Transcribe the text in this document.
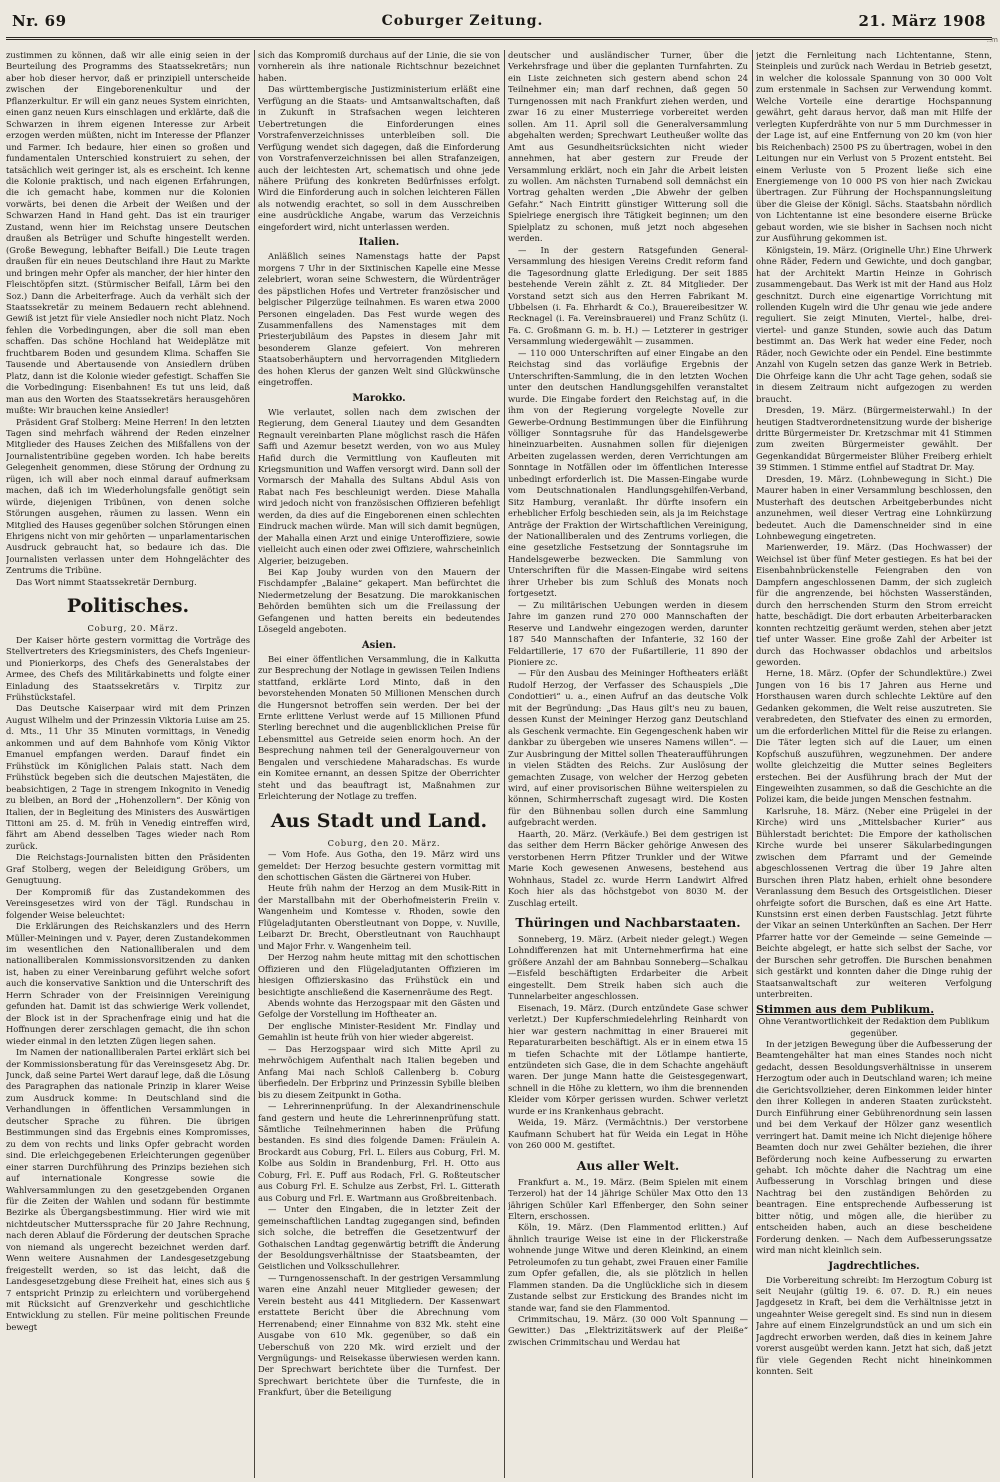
Nr. 69	Coburger Zeitung.	21. März 1908
..m

zustimmen zu können, daß wir alle einig seien in der Beurteilung des Programms des Staatssekretärs; nun aber hob dieser hervor, daß er prinzipiell unterscheide zwischen der Eingeborenenkultur und der Pflanzerkultur. Er will ein ganz neues System einrichten, einen ganz neuen Kurs einschlagen und erklärte, daß die Schwarzen in ihrem eigenen Interesse zur Arbeit erzogen werden müßten, nicht im Interesse der Pflanzer und Farmer. Ich bedaure, hier einen so großen und fundamentalen Unterschied konstruiert zu sehen, der tatsächlich weit geringer ist, als es erscheint. Ich kenne die Kolonie praktisch, und nach eigenen Erfahrungen, die ich gemacht habe, kommen nur die Kolonien vorwärts, bei denen die Arbeit der Weißen und der Schwarzen Hand in Hand geht. Das ist ein trauriger Zustand, wenn hier im Reichstag unsere Deutschen draußen als Betrüger und Schufte hingestellt werden. (Große Bewegung, lebhafter Beifall.) Die Leute tragen draußen für ein neues Deutschland ihre Haut zu Markte und bringen mehr Opfer als mancher, der hier hinter den Fleischtöpfen sitzt. (Stürmischer Beifall, Lärm bei den Soz.) Dann die Arbeiterfrage. Auch da verhält sich der Staatssekretär zu meinem Bedauern recht ablehnend. Gewiß ist jetzt für viele Ansiedler noch nicht Platz. Noch fehlen die Vorbedingungen, aber die soll man eben schaffen. Das schöne Hochland hat Weideplätze mit fruchtbarem Boden und gesundem Klima. Schaffen Sie Tausende und Abertausende von Ansiedlern drüben Platz, dann ist die Kolonie wieder gefestigt. Schaffen Sie die Vorbedingung: Eisenbahnen! Es tut uns leid, daß man aus den Worten des Staatssekretärs herausgehören mußte: Wir brauchen keine Ansiedler!

Präsident Graf Stolberg: Meine Herren! In den letzten Tagen sind mehrfach während der Reden einzelner Mitglieder des Hauses Zeichen des Mißfallens von der Journalistentribüne gegeben worden. Ich habe bereits Gelegenheit genommen, diese Störung der Ordnung zu rügen, ich will aber noch einmal darauf aufmerksam machen, daß ich im Wiederholungsfalle genötigt sein würde, diejenigen Tribünen, von denen solche Störungen ausgehen, räumen zu lassen. Wenn ein Mitglied des Hauses gegenüber solchen Störungen einen Ehrigens nicht von mir gehörten — unparlamentarischen Ausdruck gebraucht hat, so bedaure ich das. Die Journalisten verlassen unter dem Hohngelächter des Zentrums die Tribüne.

Das Wort nimmt Staatssekretär Dernburg.

Politisches.

Coburg, 20. März.

Der Kaiser hörte gestern vormittag die Vorträge des Stellvertreters des Kriegsministers, des Chefs Ingenieur- und Pionierkorps, des Chefs des Generalstabes der Armee, des Chefs des Militärkabinetts und folgte einer Einladung des Staatssekretärs v. Tirpitz zur Frühstückstafel.

Das Deutsche Kaiserpaar wird mit dem Prinzen August Wilhelm und der Prinzessin Viktoria Luise am 25. d. Mts., 11 Uhr 35 Minuten vormittags, in Venedig ankommen und auf dem Bahnhofe vom König Viktor Emanuel empfangen werden. Darauf findet ein Frühstück im Königlichen Palais statt. Nach dem Frühstück begeben sich die deutschen Majestäten, die beabsichtigen, 2 Tage in strengem Inkognito in Venedig zu bleiben, an Bord der „Hohenzollern“. Der König von Italien, der in Begleitung des Ministers des Auswärtigen Tittoni am 25. d. M. früh in Venedig eintreffen wird, fährt am Abend desselben Tages wieder nach Rom zurück.

Die Reichstags-Journalisten bitten den Präsidenten Graf Stolberg, wegen der Beleidigung Gröbers, um Genugtuung.

Der Kompromiß für das Zustandekommen des Vereinsgesetzes wird von der Tägl. Rundschau in folgender Weise beleuchtet:

Die Erklärungen des Reichskanzlers und des Herrn Müller-Meiningen und v. Payer, deren Zustandekommen im wesentlichen den Nationalliberalen und dem nationalliberalen Kommissionsvorsitzenden zu danken ist, haben zu einer Vereinbarung geführt welche sofort auch die konservative Sanktion und die Unterschrift des Herrn Schrader von der Freisinnigen Vereinigung gefunden hat. Damit ist das schwierige Werk vollendet, der Block ist in der Sprachenfrage einig und hat die Hoffnungen derer zerschlagen gemacht, die ihn schon wieder einmal in den letzten Zügen liegen sahen.

Im Namen der nationalliberalen Partei erklärt sich bei der Kommissionsberatung für das Vereinsgesetz Abg. Dr. Junck, daß seine Partei Wert darauf lege, daß die Lösung des Paragraphen das nationale Prinzip in klarer Weise zum Ausdruck komme: In Deutschland sind die Verhandlungen in öffentlichen Versammlungen in deutscher Sprache zu führen. Die übrigen Bestimmungen sind das Ergebnis eines Kompromisses, zu dem von rechts und links Opfer gebracht worden sind. Die erleichgegebenen Erleichterungen gegenüber einer starren Durchführung des Prinzips beziehen sich auf internationale Kongresse sowie die Wahlversammlungen zu den gesetzgebenden Organen für die Zeiten der Wahlen und sodann für bestimmte Bezirke als Übergangsbestimmung. Hier wird wie mit nichtdeutscher Mutterssprache für 20 Jahre Rechnung, nach deren Ablauf die Förderung der deutschen Sprache von niemand als ungerecht bezeichnet werden darf. Wenn weitere Ausnahmen der Landesgesetzgebung freigestellt werden, so ist das leicht, daß die Landesgesetzgebung diese Freiheit hat, eines sich aus § 7 entspricht Prinzip zu erleichtern und vorübergehend mit Rücksicht auf Grenzverkehr und geschichtliche Entwicklung zu stellen. Für meine politischen Freunde bewegt

sich das Kompromiß durchaus auf der Linie, die sie von vornherein als ihre nationale Richtschnur bezeichnet haben.

Das württembergische Justizministerium erläßt eine Verfügung an die Staats- und Amtsanwaltschaften, daß in Zukunft in Strafsachen wegen leichteren Uebertretungen die Einforderungen eines Vorstrafenverzeichnisses unterbleiben soll. Die Verfügung wendet sich dagegen, daß die Einforderung von Vorstrafenverzeichnissen bei allen Strafanzeigen, auch der leichtesten Art, schematisch und ohne jede nähere Prüfung des konkreten Bedürfnisses erfolgt. Wird die Einforderung auch in solchen leichteren Fällen als notwendig erachtet, so soll in dem Ausschreiben eine ausdrückliche Angabe, warum das Verzeichnis eingefordert wird, nicht unterlassen werden.

Italien.

Anläßlich seines Namenstags hatte der Papst morgens 7 Uhr in der Sixtinischen Kapelle eine Messe zelebriert, woran seine Schwestern, die Würdenträger des päpstlichen Hofes und Vertreter französischer und belgischer Pilgerzüge teilnahmen. Es waren etwa 2000 Personen eingeladen. Das Fest wurde wegen des Zusammenfallens des Namenstages mit dem Priesterjubiläum des Papstes in diesem Jahr mit besonderem Glanze gefeiert. Von mehreren Staatsoberhäuptern und hervorragenden Mitgliedern des hohen Klerus der ganzen Welt sind Glückwünsche eingetroffen.

Marokko.

Wie verlautet, sollen nach dem zwischen der Regierung, dem General Liautey und dem Gesandten Regnault vereinbarten Plane möglichst rasch die Häfen Saffi und Azemur besetzt werden, von wo aus Muley Hafid durch die Vermittlung von Kaufleuten mit Kriegsmunition und Waffen versorgt wird. Dann soll der Vormarsch der Mahalla des Sultans Abdul Asis von Rabat nach Fes beschleunigt werden. Diese Mahalla wird jedoch nicht von französischen Offizieren befehligt werden, da dies auf die Eingeborenen einen schlechten Eindruck machen würde. Man will sich damit begnügen, der Mahalla einen Arzt und einige Unteroffiziere, sowie vielleicht auch einen oder zwei Offiziere, wahrscheinlich Algerier, beizugeben.

Bei Kap Jouby wurden von den Mauern der Fischdampfer „Balaine“ gekapert. Man befürchtet die Niedermetzelung der Besatzung. Die marokkanischen Behörden bemühten sich um die Freilassung der Gefangenen und hatten bereits ein bedeutendes Lösegeld angeboten.

Asien.

Bei einer öffentlichen Versammlung, die in Kalkutta zur Besprechung der Notlage in gewissen Teilen Indiens stattfand, erklärte Lord Minto, daß in den bevorstehenden Monaten 50 Millionen Menschen durch die Hungersnot betroffen sein werden. Der bei der Ernte erlittene Verlust werde auf 15 Millionen Pfund Sterling berechnet und die augenblicklichen Preise für Lebensmittel aus Getreide seien enorm hoch. An der Besprechung nahmen teil der Generalgouverneur von Bengalen und verschiedene Maharadschas. Es wurde ein Komitee ernannt, an dessen Spitze der Oberrichter steht und das beauftragt ist, Maßnahmen zur Erleichterung der Notlage zu treffen.

Aus Stadt und Land.

Coburg, den 20. März.

— Vom Hofe. Aus Gotha, den 19. März wird uns gemeldet: Der Herzog besuchte gestern vormittag mit den schottischen Gästen die Gärtnerei von Huber.

Heute früh nahm der Herzog an dem Musik-Ritt in der Marstallbahn mit der Oberhofmeisterin Freiin v. Wangenheim und Komtesse v. Rhoden, sowie den Flügeladjutanten Oberstleutnant von Doppe, v. Nuville, Leibarzt Dr. Brecht, Oberstleutnant von Rauchhaupt und Major Frhr. v. Wangenheim teil.

Der Herzog nahm heute mittag mit den schottischen Offizieren und den Flügeladjutanten Offizieren im hiesigen Offizierskasino das Frühstück ein und besichtigte anschließend die Kasernenräume des Regt.

Abends wohnte das Herzogspaar mit den Gästen und Gefolge der Vorstellung im Hoftheater an.

Der englische Minister-Resident Mr. Findlay und Gemahlin ist heute früh von hier wieder abgereist.

— Das Herzogspaar wird sich Mitte April zu mehrwöchigem Aufenthalt nach Italien begeben und Anfang Mai nach Schloß Callenberg b. Coburg überfiedeln. Der Erbprinz und Prinzessin Sybille bleiben bis zu diesem Zeitpunkt in Gotha.

— Lehrerinnenprüfung. In der Alexandrinenschule fand gestern und heute die Lehrerinnenprüfung statt. Sämtliche Teilnehmerinnen haben die Prüfung bestanden. Es sind dies folgende Damen: Fräulein A. Brockardt aus Coburg, Frl. L. Eilers aus Coburg, Frl. M. Kolbe aus Soldin in Brandenburg, Frl. H. Otto aus Coburg, Frl. E. Puff aus Rodach, Frl. G. Roßteutscher aus Coburg Frl. E. Schulze aus Zerbst, Frl. L. Gitterath aus Coburg und Frl. E. Wartmann aus Großbreitenbach.

— Unter den Eingaben, die in letzter Zeit der gemeinschaftlichen Landtag zugegangen sind, befinden sich solche, die betreffen die Gesetzentwurf der Gothaischen Landtag gegenwärtig betrifft die Änderung der Besoldungsverhältnisse der Staatsbeamten, der Geistlichen und Volksschullehrer.

— Turngenossenschaft. In der gestrigen Versammlung waren eine Anzahl neuer Mitglieder gewesen; der Verein besteht aus 441 Mitgliedern. Der Kassenwart erstattete Bericht über die Abrechnung vom Herrenabend; einer Einnahme von 832 Mk. steht eine Ausgabe von 610 Mk. gegenüber, so daß ein Ueberschuß von 220 Mk. wird erzielt und der Vergnügungs- und Reisekasse überwiesen werden kann. Der Sprechwart berichtete über die Turnfest. Der Sprechwart berichtete über die Turnfeste, die in Frankfurt, über die Beteiligung

deutscher und ausländischer Turner, über die Verkehrsfrage und über die geplanten Turnfahrten. Zu ein Liste zeichneten sich gestern abend schon 24 Teilnehmer ein; man darf rechnen, daß gegen 50 Turngenossen mit nach Frankfurt ziehen werden, und zwar 16 zu einer Musterriege vorbereitet werden sollen. Am 11. April soll die Generalversammlung abgehalten werden; Sprechwart Leutheußer wollte das Amt aus Gesundheitsrücksichten nicht wieder annehmen, hat aber gestern zur Freude der Versammlung erklärt, noch ein Jahr die Arbeit leisten zu wollen. Am nächsten Turnabend soll demnächst ein Vortrag gehalten werden „Die Abwehr der gelben Gefahr.“ Nach Eintritt günstiger Witterung soll die Spielriege energisch ihre Tätigkeit beginnen; um den Spielplatz zu schonen, muß jetzt noch abgesehen werden.

— In der gestern Ratsgefunden General-Versammlung des hiesigen Vereins Credit reform fand die Tagesordnung glatte Erledigung. Der seit 1885 bestehende Verein zählt z. Zt. 84 Mitglieder. Der Vorstand setzt sich aus den Herren Fabrikant M. Ubbelsen (i. Fa. Ehrhardt & Co.), Brauereibesitzer W. Recknagel (i. Fa. Vereinsbrauerei) und Franz Schütz (i. Fa. C. Großmann G. m. b. H.) — Letzterer in gestriger Versammlung wiedergewählt — zusammen.

— 110 000 Unterschriften auf einer Eingabe an den Reichstag sind das vorläufige Ergebnis der Unterschriften-Sammlung, die in den letzten Wochen unter den deutschen Handlungsgehilfen veranstaltet wurde. Die Eingabe fordert den Reichstag auf, in die ihm von der Regierung vorgelegte Novelle zur Gewerbe-Ordnung Bestimmungen über die Einführung völliger Sonntagsruhe für das Handelsgewerbe hineinzuarbeiten. Ausnahmen sollen für diejenigen Arbeiten zugelassen werden, deren Verrichtungen am Sonntage in Notfällen oder im öffentlichen Interesse unbedingt erforderlich ist. Die Massen-Eingabe wurde vom Deutschnationalen Handlungsgehilfen-Verband, Sitz Hamburg, veranlaßt. Ihr dürfte insofern ein erheblicher Erfolg beschieden sein, als ja im Reichstage Anträge der Fraktion der Wirtschaftlichen Vereinigung, der Nationalliberalen und des Zentrums vorliegen, die eine gesetzliche Festsetzung der Sonntagsruhe im Handelsgewerbe bezwecken. Die Sammlung von Unterschriften für die Massen-Eingabe wird seitens ihrer Urheber bis zum Schluß des Monats noch fortgesetzt.

— Zu militärischen Uebungen werden in diesem Jahre im ganzen rund 270 000 Mannschaften der Reserve und Landwehr eingezogen werden, darunter 187 540 Mannschaften der Infanterie, 32 160 der Feldartillerie, 17 670 der Fußartillerie, 11 890 der Pioniere zc.

— Für den Ausbau des Meininger Hoftheaters erläßt Rudolf Herzog, der Verfasser des Schauspiels „Die Condottieri“ u. a., einen Aufruf an das deutsche Volk mit der Begründung: „Das Haus gilt's neu zu bauen, dessen Kunst der Meininger Herzog ganz Deutschland als Geschenk vermachte. Ein Gegengeschenk haben wir dankbar zu übergeben wie unseres Namens willen“. — Zur Ausbringung der Mittel sollen Theateraufführungen in vielen Städten des Reichs. Zur Auslösung der gemachten Zusage, von welcher der Herzog gebeten wird, auf einer provisorischen Bühne weiterspielen zu können, Schirmherrschaft zugesagt wird. Die Kosten für den Bühnenbau sollen durch eine Sammlung aufgebracht werden.

Haarth, 20. März. (Verkäufe.) Bei dem gestrigen ist das seither dem Herrn Bäcker gehörige Anwesen des verstorbenen Herrn Pfitzer Trunkler und der Witwe Marie Koch gewesenen Anwesens, bestehend aus Wohnhaus, Stadel zc. wurde Herrn Landwirt Alfred Koch hier als das höchstgebot von 8030 M. der Zuschlag erteilt.

Thüringen und Nachbarstaaten.

Sonneberg, 19. März. (Arbeit nieder gelegt.) Wegen Lohndifferenzen hat mit Unternehmerfirma hat eine größere Anzahl der am Bahnbau Sonneberg—Schalkau—Eisfeld beschäftigten Erdarbeiter die Arbeit eingestellt. Dem Streik haben sich auch die Tunnelarbeiter angeschlossen.

Eisenach, 19. März. (Durch entzündete Gase schwer verletzt.) Der Kupferschmiedelehrling Reinhardt von hier war gestern nachmittag in einer Brauerei mit Reparaturarbeiten beschäftigt. Als er in einem etwa 15 m tiefen Schachte mit der Lötlampe hantierte, entzündeten sich Gase, die in dem Schachte angehäuft waren. Der junge Mann hatte die Geistesgegenwart, schnell in die Höhe zu klettern, wo ihm die brennenden Kleider vom Körper gerissen wurden. Schwer verletzt wurde er ins Krankenhaus gebracht.

Weida, 19. März. (Vermächtnis.) Der verstorbene Kaufmann Schubert hat für Weida ein Legat in Höhe von 260 000 M. gestiftet.

Aus aller Welt.

Frankfurt a. M., 19. März. (Beim Spielen mit einem Terzerol) hat der 14 jährige Schüler Max Otto den 13 jährigen Schüler Karl Effenberger, den Sohn seiner Eltern, erschossen.

Köln, 19. März. (Den Flammentod erlitten.) Auf ähnlich traurige Weise ist eine in der Flickerstraße wohnende junge Witwe und deren Kleinkind, an einem Petroleumofen zu tun gehabt, zwei Frauen einer Familie zum Opfer gefallen, die, als sie plötzlich in hellen Flammen standen. Da die Unglückliche sich in diesem Zustande selbst zur Erstickung des Brandes nicht im stande war, fand sie den Flammentod.

Crimmitschau, 19. März. (30 000 Volt Spannung — Gewitter.) Das „Elektrizitätswerk auf der Pleiße“ zwischen Crimmitschau und Werdau hat

jetzt die Fernleitung nach Lichtentanne, Stenn, Steinpleis und zurück nach Werdau in Betrieb gesetzt, in welcher die kolossale Spannung von 30 000 Volt zum erstenmale in Sachsen zur Verwendung kommt. Welche Vorteile eine derartige Hochspannung gewährt, geht daraus hervor, daß man mit Hilfe der verlegten Kupferdrähte von nur 5 mm Durchmesser in der Lage ist, auf eine Entfernung von 20 km (von hier bis Reichenbach) 2500 PS zu übertragen, wobei in den Leitungen nur ein Verlust von 5 Prozent entsteht. Bei einem Verluste von 5 Prozent ließe sich eine Energiemenge von 10 000 PS von hier nach Zwickau übertragen. Zur Führung der Hochspannungsleitung über die Gleise der Königl. Sächs. Staatsbahn nördlich von Lichtentanne ist eine besondere eiserne Brücke gebaut worden, wie sie bisher in Sachsen noch nicht zur Ausführung gekommen ist.

Königstein, 19. März. (Originelle Uhr.) Eine Uhrwerk ohne Räder, Federn und Gewichte, und doch gangbar, hat der Architekt Martin Heinze in Gohrisch zusammengebaut. Das Werk ist mit der Hand aus Holz geschnitzt. Durch eine eigenartige Vorrichtung mit rollenden Kugeln wird die Uhr genau wie jede andere reguliert. Sie zeigt Minuten, Viertel-, halbe, drei-viertel- und ganze Stunden, sowie auch das Datum bestimmt an. Das Werk hat weder eine Feder, noch Räder, noch Gewichte oder ein Pendel. Eine bestimmte Anzahl von Kugeln setzen das ganze Werk in Betrieb. Die Ohrfeige kann die Uhr acht Tage gehen, sodaß sie in diesem Zeitraum nicht aufgezogen zu werden braucht.

Dresden, 19. März. (Bürgermeisterwahl.) In der heutigen Stadtverordnetensitzung wurde der bisherige dritte Bürgermeister Dr. Kretzschmar mit 41 Stimmen zum zweiten Bürgermeister gewählt. Der Gegenkandidat Bürgermeister Blüher Freiberg erhielt 39 Stimmen. 1 Stimme entfiel auf Stadtrat Dr. May.

Dresden, 19. März. (Lohnbewegung in Sicht.) Die Maurer haben in einer Versammlung beschlossen, den Musterhaft des deutschen Arbeitgeberbundes nicht anzunehmen, weil dieser Vertrag eine Lohnkürzung bedeutet. Auch die Damenschneider sind in eine Lohnbewegung eingetreten.

Marienwerder, 19. März. (Das Hochwasser) der Weichsel ist über fünf Meter gestiegen. Es hat bei der Eisenbahnbrückenstelle Feiengraben den von Dampfern angeschlossenen Damm, der sich zugleich für die angrenzende, bei höchsten Wasserständen, durch den herrschenden Sturm den Strom erreicht hatte, beschädigt. Die dort erbauten Arbeiterbaracken konnten rechtzeitig geräumt werden, stehen aber jetzt tief unter Wasser. Eine große Zahl der Arbeiter ist durch das Hochwasser obdachlos und arbeitslos geworden.

Herne, 18. März. (Opfer der Schundlektüre.) Zwei Jungen von 16 bis 17 Jahren aus Herne und Horsthausen waren durch schlechte Lektüre auf den Gedanken gekommen, die Welt reise auszutreten. Sie verabredeten, den Stiefvater des einen zu ermorden, um die erforderlichen Mittel für die Reise zu erlangen. Die Täter legten sich auf die Lauer, um einen Kopfschuß auszuführen, wegzunehmen. Der andere wollte gleichzeitig die Mutter seines Begleiters erstechen. Bei der Ausführung brach der Mut der Eingeweihten zusammen, so daß die Geschichte an die Polizei kam, die beide jungen Menschen festnahm.

Karlsruhe, 18. März. (Neber eine Prügelei in der Kirche) wird uns „Mittelsbacher Kurier“ aus Bühlerstadt berichtet: Die Empore der katholischen Kirche wurde bei unserer Säkularbedingungen zwischen dem Pfarramt und der Gemeinde abgeschlossenen Vertrag die über 19 Jahre alten Burschen ihren Platz haben, erhielt ohne besondere Veranlassung dem Besuch des Ortsgeistlichen. Dieser ohrfeigte sofort die Burschen, daß es eine Art Hatte. Kunstsinn erst einen derben Faustschlag. Jetzt führte der Vikar an seinen Unterkünften an Sachen. Der Herr Pfarrer hatte vor der Gemeinde — seine Gemeinde — Beichte abgelegt, er hatte sich selbst der Sache, vor der Burschen sehr getroffen. Die Burschen benahmen sich gestärkt und konnten daher die Dinge ruhig der Staatsanwaltschaft zur weiteren Verfolgung unterbreiten.

Stimmen aus dem Publikum.

Ohne Verantwortlichkeit der Redaktion dem Publikum gegenüber.

In der jetzigen Bewegung über die Aufbesserung der Beamtengehälter hat man eines Standes noch nicht gedacht, dessen Besoldungsverhältnisse in unserem Herzogtum oder auch in Deutschland waren; ich meine die Gerichtsvollzieher, deren Einkommen leider hinter den ihrer Kollegen in anderen Staaten zurücksteht. Durch Einführung einer Gebührenordnung sein lassen und bei dem Verkauf der Hölzer ganz wesentlich verringert hat. Damit meine ich Nicht diejenige höhere Beamten doch nur zwei Gehälter beziehen, die ihrer Beförderung noch keine Aufbesserung zu erwarten gehabt. Ich möchte daher die Nachtrag um eine Aufbesserung in Vorschlag bringen und diese Nachtrag bei den zuständigen Behörden zu beantragen. Eine entsprechende Aufbesserung ist bitter nötig, und mögen alle, die hierüber zu entscheiden haben, auch an diese bescheidene Forderung denken. — Nach dem Aufbesserungssatze wird man nicht kleinlich sein.

Jagdrechtliches.

Die Vorbereitung schreibt: Im Herzogtum Coburg ist seit Neujahr (gültig 19. 6. 07. D. R.) ein neues Jagdgesetz in Kraft, bei dem die Verhältnisse jetzt in ungeahnter Weise geregelt sind. Es sind nun in diesem Jahre auf einem Einzelgrundstück an und um sich ein Jagdrecht erworben werden, daß dies in keinem Jahre vorerst ausgeübt werden kann. Jetzt hat sich, daß jetzt für viele Gegenden Recht nicht hineinkommen konnten. Seit
